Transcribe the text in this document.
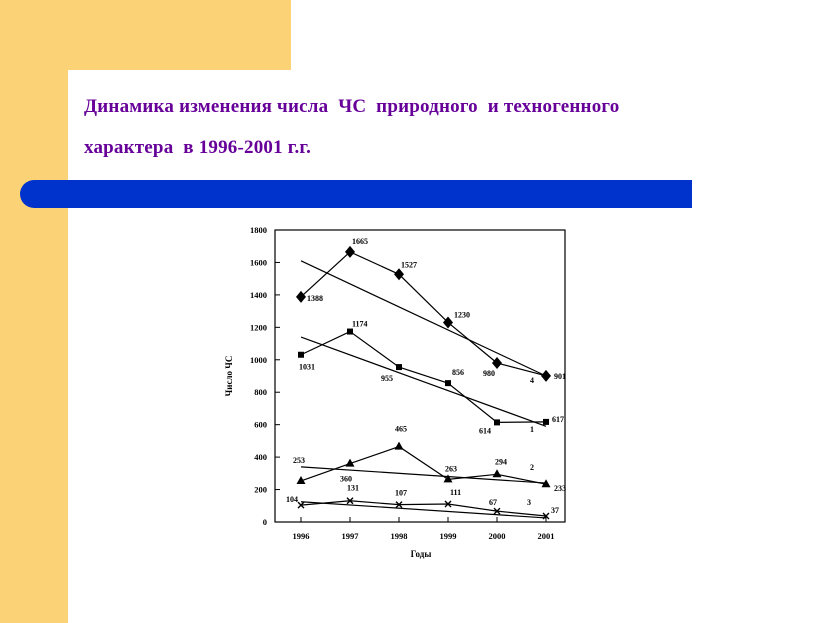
Динамика изменения числа  ЧС  природного  и техногенного
характера  в 1996-2001 г.г.
0
200
400
600
800
1000
1200
1400
1600
1800
1996	1997	1998	1999	2000	2001
1388
1665
1527
1230
980	901
4
1031
1174
955
856
614
617
1
253
360
465
263
294
233
2
104
131
107	111
67
37
3
Число ЧС
Годы
